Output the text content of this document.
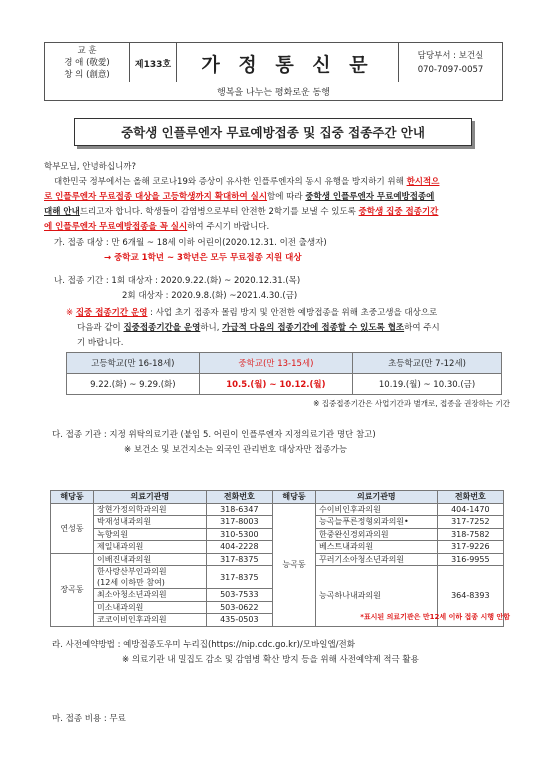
교 훈
경 애 (敬愛)
창 의 (創意)
제133호	가 정 통 신 문	담당부서 : 보건실
070-7097-0057
행복을 나누는 평화로운 동행
중학생 인플루엔자 무료예방접종 및 집중 접종주간 안내
학부모님, 안녕하십니까?
대한민국 정부에서는 올해 코로나19와 증상이 유사한 인플루엔자의 동시 유행을 방지하기 위해 한시적으
로 인플루엔자 무료접종 대상을 고등학생까지 확대하여 실시함에 따라 중학생 인플루엔자 무료예방접종에
대해 안내드리고자 합니다. 학생들이 감염병으로부터 안전한 2학기를 보낼 수 있도록 중학생 집중 접종기간
에 인플루엔자 무료예방접종을 꼭 실시하여 주시기 바랍니다.
가. 접종 대상 : 만 6개월 ~ 18세 이하 어린이(2020.12.31. 이전 출생자)
→ 중학교 1학년 ~ 3학년은 모두 무료접종 지원 대상
나. 접종 기간 : 1회 대상자 : 2020.9.22.(화) ~ 2020.12.31.(목)
2회 대상자 : 2020.9.8.(화) ~2021.4.30.(금)
※ 집중 접종기간 운영 : 사업 초기 접종자 몰림 방지 및 안전한 예방접종을 위해 초중고생을 대상으로
다음과 같이 집중접종기간을 운영하니, 가급적 다음의 접종기간에 접종할 수 있도록 협조하여 주시
기 바랍니다.
고등학교(만 16-18세)	중학교(만 13-15세)	초등학교(만 7-12세)
9.22.(화) ~ 9.29.(화)	10.5.(월) ~ 10.12.(월)	10.19.(월) ~ 10.30.(금)
※ 집중접종기간은 사업기간과 별개로, 접종을 권장하는 기간
다. 접종 기관 : 지정 위탁의료기관 (붙임 5. 어린이 인플루엔자 지정의료기관 명단 참고)
※ 보건소 및 보건지소는 외국인 관리번호 대상자만 접종가능
해당동	의료기관명	전화번호	해당동	의료기관명	전화번호
연성동	장현가정의학과의원	318-6347	능곡동	수이비인후과의원	404-1470
	박재성내과의원	317-8003		능곡늘푸른정형외과의원•	317-7252
	녹향의원	310-5300		한중완신경외과의원	318-7582
	제일내과의원	404-2228		베스트내과의원	317-9226
장곡동	이배진내과의원	317-8375		꾸러기소아청소년과의원	316-9955
	한사랑산부인과의원
(12세 이하만 참여)	317-8375		능곡하나내과의원	364-8393

	최소아청소년과의원	503-7533			
	미소내과의원	503-0622			
	코코이비인후과의원	435-0503				*표시된 의료기관은 만12세 이하 접종 시행 안함
라. 사전예약방법 : 예방접종도우미 누리집(https://nip.cdc.go.kr)/모바일앱/전화
※ 의료기관 내 밀집도 감소 및 감염병 확산 방지 등을 위해 사전예약제 적극 활용
마. 접종 비용 : 무료
